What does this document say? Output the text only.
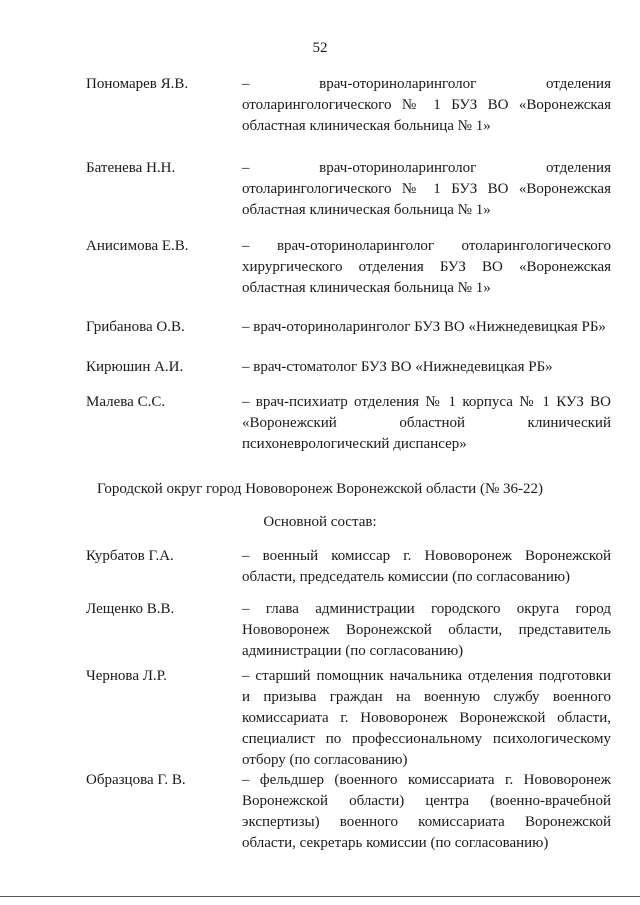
52
Пономарев Я.В.	– врач-оториноларинголог отделения отоларингологического № 1 БУЗ ВО «Воронежская областная клиническая больница № 1»
Батенева Н.Н.	– врач-оториноларинголог отделения отоларингологического № 1 БУЗ ВО «Воронежская областная клиническая больница № 1»
Анисимова Е.В.	– врач-оториноларинголог отоларингологического хирургического отделения БУЗ ВО «Воронежская областная клиническая больница № 1»
Грибанова О.В.	– врач-оториноларинголог БУЗ ВО «Нижнедевицкая РБ»
Кирюшин А.И.	– врач-стоматолог БУЗ ВО «Нижнедевицкая РБ»
Малева С.С.	– врач-психиатр отделения № 1 корпуса № 1 КУЗ ВО «Воронежский областной клинический психоневрологический диспансер»
Городской округ город Нововоронеж Воронежской области (№ 36-22)
Основной состав:
Курбатов Г.А.	– военный комиссар г. Нововоронеж Воронежской области, председатель комиссии (по согласованию)
Лещенко В.В.	– глава администрации городского округа город Нововоронеж Воронежской области, представитель администрации (по согласованию)
Чернова Л.Р.	– старший помощник начальника отделения подготовки и призыва граждан на военную службу военного комиссариата г. Нововоронеж Воронежской области, специалист по профессиональному психологическому отбору (по согласованию)
Образцова Г. В.	– фельдшер (военного комиссариата г. Нововоронеж Воронежской области) центра (военно-врачебной экспертизы) военного комиссариата Воронежской области, секретарь комиссии (по согласованию)
